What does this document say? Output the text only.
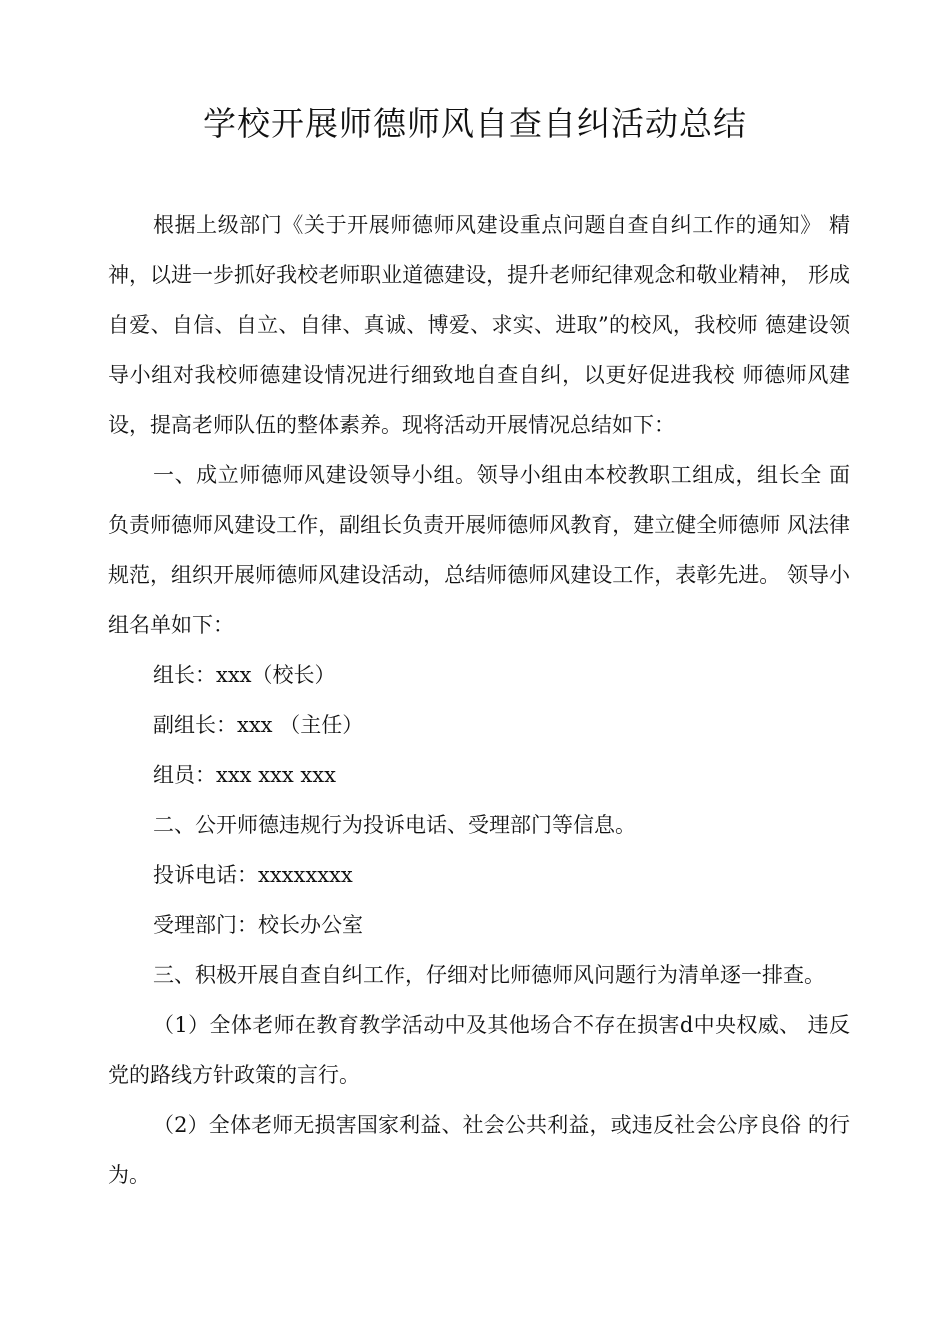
学校开展师德师风自查自纠活动总结

根据上级部门《关于开展师德师风建设重点问题自查自纠工作的通知》 精神，以进一步抓好我校老师职业道德建设，提升老师纪律观念和敬业精神， 形成自爱、自信、自立、自律、真诚、博爱、求实、进取”的校风，我校师 德建设领导小组对我校师德建设情况进行细致地自查自纠，以更好促进我校 师德师风建设，提高老师队伍的整体素养。现将活动开展情况总结如下：

一、成立师德师风建设领导小组。领导小组由本校教职工组成，组长全 面负责师德师风建设工作，副组长负责开展师德师风教育，建立健全师德师 风法律规范，组织开展师德师风建设活动，总结师德师风建设工作，表彰先进。 领导小组名单如下：

组长：xxx（校长）

副组长：xxx （主任）

组员：xxx xxx xxx

二、公开师德违规行为投诉电话、受理部门等信息。

投诉电话：xxxxxxxx

受理部门：校长办公室

三、积极开展自查自纠工作，仔细对比师德师风问题行为清单逐一排查。

（1）全体老师在教育教学活动中及其他场合不存在损害d中央权威、 违反党的路线方针政策的言行。

（2）全体老师无损害国家利益、社会公共利益，或违反社会公序良俗 的行为。
